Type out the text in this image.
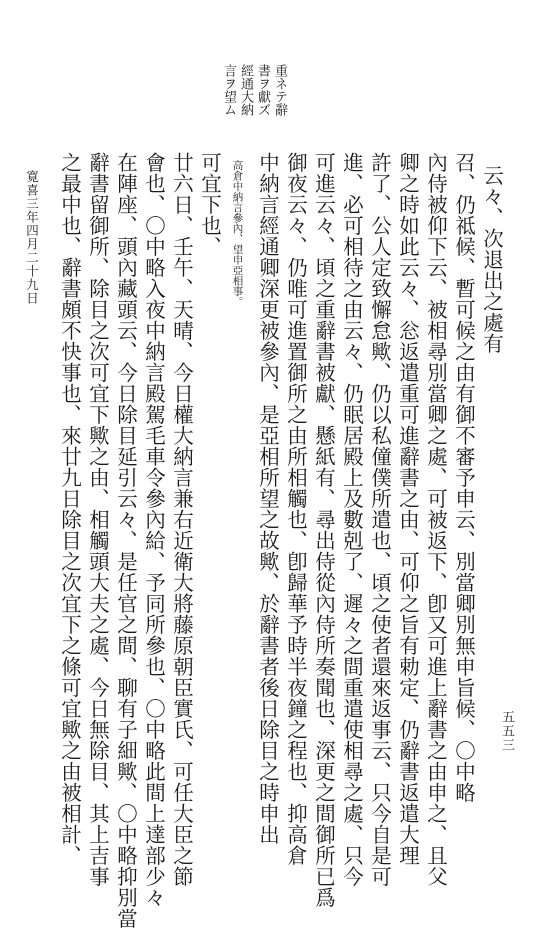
重ネテ辭
書ヲ獻ズ
經通大納
言ヲ望ム
云々、次退出之處有
召、仍祗候、暫可候之由有御不審予申云、別當卿別無申旨候、〇中略
內侍被仰下云、被相尋別當卿之處、可被返下、卽又可進上辭書之由申之、且父
卿之時如此云々、忩返遣重可進辭書之由、可仰之旨有勅定、仍辭書返遣大理
許了、公人定致懈怠歟、仍以私僮僕所遣也、頃之使者還來返事云、只今自是可
進、必可相待之由云々、仍眠居殿上及數剋了、遲々之間重遣使相尋之處、只今
可進云々、頃之重辭書被獻、懸紙有、尋出侍從內侍所奏聞也、深更之間御所已爲
御夜云々、仍唯可進置御所之由所相觸也、卽歸華予時半夜鐘之程也、抑高倉
中納言經通卿深更被參內、是亞相所望之故歟、於辭書者後日除目之時申出
可宜下也、
廿六日、壬午、天晴、今日權大納言兼右近衛大將藤原朝臣實氏、可任大臣之節
會也、〇中略入夜中納言殿駕毛車令參內給、予同所參也、〇中略此間上達部少々
在陣座、頭內藏頭云、今日除目延引云々、是任官之間、聊有子細歟、〇中略抑別當
辭書留御所、除目之次可宜下歟之由、相觸頭大夫之處、今日無除目、其上吉事
之最中也、辭書頗不快事也、來廿九日除目之次宜下之條可宜歟之由被相計、	高倉中納言參內、望申亞相事。
寛喜三年四月二十九日
五五三
